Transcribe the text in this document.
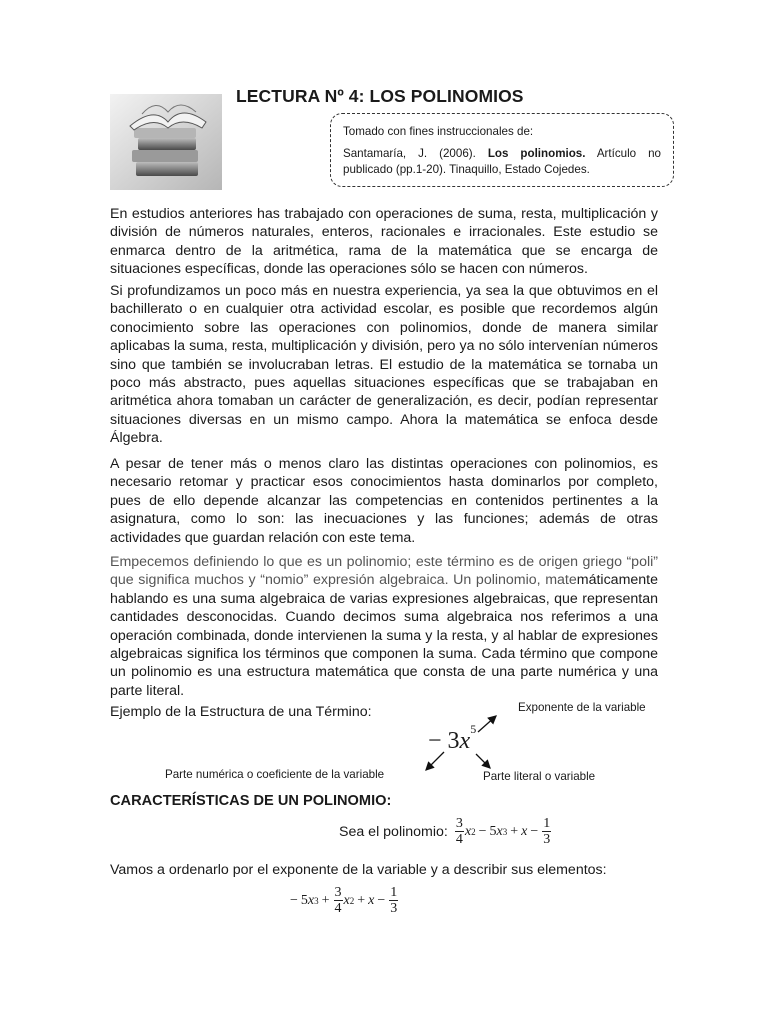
LECTURA Nº 4: LOS POLINOMIOS
Tomado con fines instruccionales de:
Santamaría, J. (2006). Los polinomios. Artículo no publicado (pp.1-20). Tinaquillo, Estado Cojedes.

En estudios anteriores has trabajado con operaciones de suma, resta, multiplicación y división de números naturales, enteros, racionales e irracionales. Este estudio se enmarca dentro de la aritmética, rama de la matemática que se encarga de situaciones específicas, donde las operaciones sólo se hacen con números.

Si profundizamos un poco más en nuestra experiencia, ya sea la que obtuvimos en el bachillerato o en cualquier otra actividad escolar, es posible que recordemos algún conocimiento sobre las operaciones con polinomios, donde de manera similar aplicabas la suma, resta, multiplicación y división, pero ya no sólo intervenían números sino que también se involucraban letras. El estudio de la matemática se tornaba un poco más abstracto, pues aquellas situaciones específicas que se trabajaban en aritmética ahora tomaban un carácter de generalización, es decir, podían representar situaciones diversas en un mismo campo. Ahora la matemática se enfoca desde Álgebra.

A pesar de tener más o menos claro las distintas operaciones con polinomios, es necesario retomar y practicar esos conocimientos hasta dominarlos por completo, pues de ello depende alcanzar las competencias en contenidos pertinentes a la asignatura, como lo son: las inecuaciones y las funciones; además de otras actividades que guardan relación con este tema.

Empecemos definiendo lo que es un polinomio; este término es de origen griego “poli” que significa muchos y “nomio” expresión algebraica. Un polinomio, matemáticamente hablando es una suma algebraica de varias expresiones algebraicas, que representan cantidades desconocidas. Cuando decimos suma algebraica nos referimos a una operación combinada, donde intervienen la suma y la resta, y al hablar de expresiones algebraicas significa los términos que componen la suma. Cada término que compone un polinomio es una estructura matemática que consta de una parte numérica y una parte literal.

Ejemplo de la Estructura de una Término:	Exponente de la variable
Parte numérica o coeficiente de la variable	Parte literal o variable
− $3x^5$
CARACTERÍSTICAS DE UN POLINOMIO:
Sea el polinomio: $\frac{3}{4}$ x 2 − 5 x $3 + x - \frac{1}{3}$
Vamos a ordenarlo por el exponente de la variable y a describir sus elementos:
− 5 x $3 + \frac{3}{4}$ x $2 + x - \frac{1}{3}$
